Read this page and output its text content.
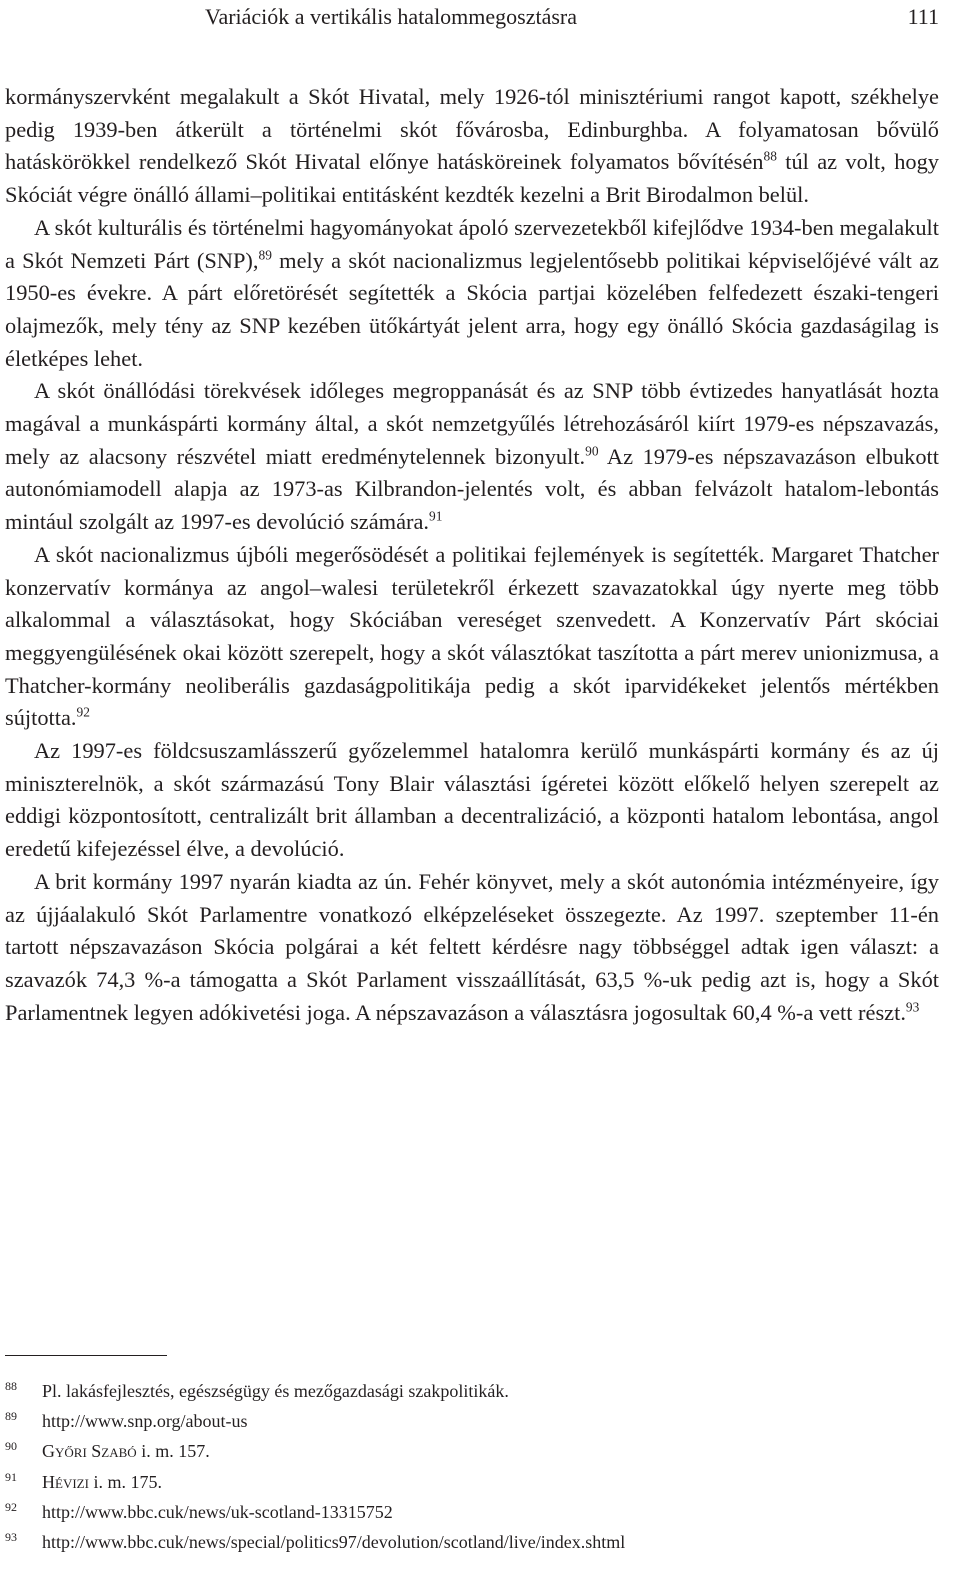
Variációk a vertikális hatalommegosztásra	111

kormányszervként megalakult a Skót Hivatal, mely 1926-tól minisztériumi rangot kapott, székhelye pedig 1939-ben átkerült a történelmi skót fővárosba, Edinburghba. A folyamatosan bővülő hatáskörökkel rendelkező Skót Hivatal előnye hatásköreinek folyamatos bővítésén$^{88}$ túl az volt, hogy Skóciát végre önálló állami–politikai entitásként kezdték kezelni a Brit Birodalmon belül.

A skót kulturális és történelmi hagyományokat ápoló szervezetekből kifejlődve 1934-ben megalakult a Skót Nemzeti Párt (SNP),$^{89}$ mely a skót nacionalizmus legjelentősebb politikai képviselőjévé vált az 1950-es évekre. A párt előretörését segítették a Skócia partjai közelében felfedezett északi-tengeri olajmezők, mely tény az SNP kezében ütőkártyát jelent arra, hogy egy önálló Skócia gazdaságilag is életképes lehet.

A skót önállódási törekvések időleges megroppanását és az SNP több évtizedes hanyatlását hozta magával a munkáspárti kormány által, a skót nemzetgyűlés létrehozásáról kiírt 1979-es népszavazás, mely az alacsony részvétel miatt eredménytelennek bizonyult.$^{90}$ Az 1979-es népszavazáson elbukott autonómiamodell alapja az 1973-as Kilbrandon-jelentés volt, és abban felvázolt hatalom-lebontás mintául szolgált az 1997-es devolúció számára.$^{91}$

A skót nacionalizmus újbóli megerősödését a politikai fejlemények is segítették. Margaret Thatcher konzervatív kormánya az angol–walesi területekről érkezett szavazatokkal úgy nyerte meg több alkalommal a választásokat, hogy Skóciában vereséget szenvedett. A Konzervatív Párt skóciai meggyengülésének okai között szerepelt, hogy a skót választókat taszította a párt merev unionizmusa, a Thatcher-kormány neoliberális gazdaságpolitikája pedig a skót iparvidékeket jelentős mértékben sújtotta.$^{92}$

Az 1997-es földcsuszamlásszerű győzelemmel hatalomra kerülő munkáspárti kormány és az új miniszterelnök, a skót származású Tony Blair választási ígéretei között előkelő helyen szerepelt az eddigi központosított, centralizált brit államban a decentralizáció, a központi hatalom lebontása, angol eredetű kifejezéssel élve, a devolúció.

A brit kormány 1997 nyarán kiadta az ún. Fehér könyvet, mely a skót autonómia intézményeire, így az újjáalakuló Skót Parlamentre vonatkozó elképzeléseket összegezte. Az 1997. szeptember 11-én tartott népszavazáson Skócia polgárai a két feltett kérdésre nagy többséggel adtak igen választ: a szavazók 74,3 %-a támogatta a Skót Parlament visszaállítását, 63,5 %-uk pedig azt is, hogy a Skót Parlamentnek legyen adókivetési joga. A népszavazáson a választásra jogosultak 60,4 %-a vett részt.$^{93}$

88 Pl. lakásfejlesztés, egészségügy és mezőgazdasági szakpolitikák.
89 http://www.snp.org/about-us
90 Győri Szabó i. m. 157.
91 Hévizi i. m. 175.
92 http://www.bbc.cuk/news/uk-scotland-13315752
93 http://www.bbc.cuk/news/special/politics97/devolution/scotland/live/index.shtml
